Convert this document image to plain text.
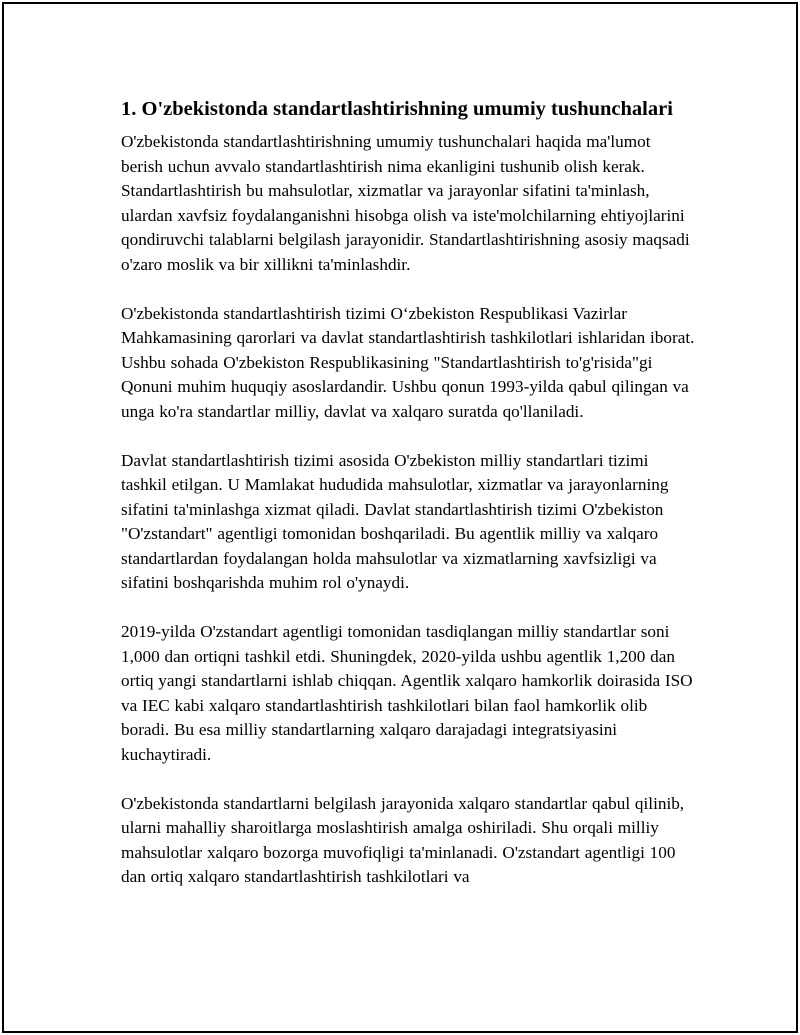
1. O'zbekistonda standartlashtirishning umumiy tushunchalari

O'zbekistonda standartlashtirishning umumiy tushunchalari haqida ma'lumot berish uchun avvalo standartlashtirish nima ekanligini tushunib olish kerak. Standartlashtirish bu mahsulotlar, xizmatlar va jarayonlar sifatini ta'minlash, ulardan xavfsiz foydalanganishni hisobga olish va iste'molchilarning ehtiyojlarini qondiruvchi talablarni belgilash jarayonidir. Standartlashtirishning asosiy maqsadi o'zaro moslik va bir xillikni ta'minlashdir.

O'zbekistonda standartlashtirish tizimi O‘zbekiston Respublikasi Vazirlar Mahkamasining qarorlari va davlat standartlashtirish tashkilotlari ishlaridan iborat. Ushbu sohada O'zbekiston Respublikasining "Standartlashtirish to'g'risida"gi Qonuni muhim huquqiy asoslardandir. Ushbu qonun 1993-yilda qabul qilingan va unga ko'ra standartlar milliy, davlat va xalqaro suratda qo'llaniladi.

Davlat standartlashtirish tizimi asosida O'zbekiston milliy standartlari tizimi tashkil etilgan. U Mamlakat hududida mahsulotlar, xizmatlar va jarayonlarning sifatini ta'minlashga xizmat qiladi. Davlat standartlashtirish tizimi O'zbekiston "O'zstandart" agentligi tomonidan boshqariladi. Bu agentlik milliy va xalqaro standartlardan foydalangan holda mahsulotlar va xizmatlarning xavfsizligi va sifatini boshqarishda muhim rol o'ynaydi.

2019-yilda O'zstandart agentligi tomonidan tasdiqlangan milliy standartlar soni 1,000 dan ortiqni tashkil etdi. Shuningdek, 2020-yilda ushbu agentlik 1,200 dan ortiq yangi standartlarni ishlab chiqqan. Agentlik xalqaro hamkorlik doirasida ISO va IEC kabi xalqaro standartlashtirish tashkilotlari bilan faol hamkorlik olib boradi. Bu esa milliy standartlarning xalqaro darajadagi integratsiyasini kuchaytiradi.

O'zbekistonda standartlarni belgilash jarayonida xalqaro standartlar qabul qilinib, ularni mahalliy sharoitlarga moslashtirish amalga oshiriladi. Shu orqali milliy mahsulotlar xalqaro bozorga muvofiqligi ta'minlanadi. O'zstandart agentligi 100 dan ortiq xalqaro standartlashtirish tashkilotlari va
